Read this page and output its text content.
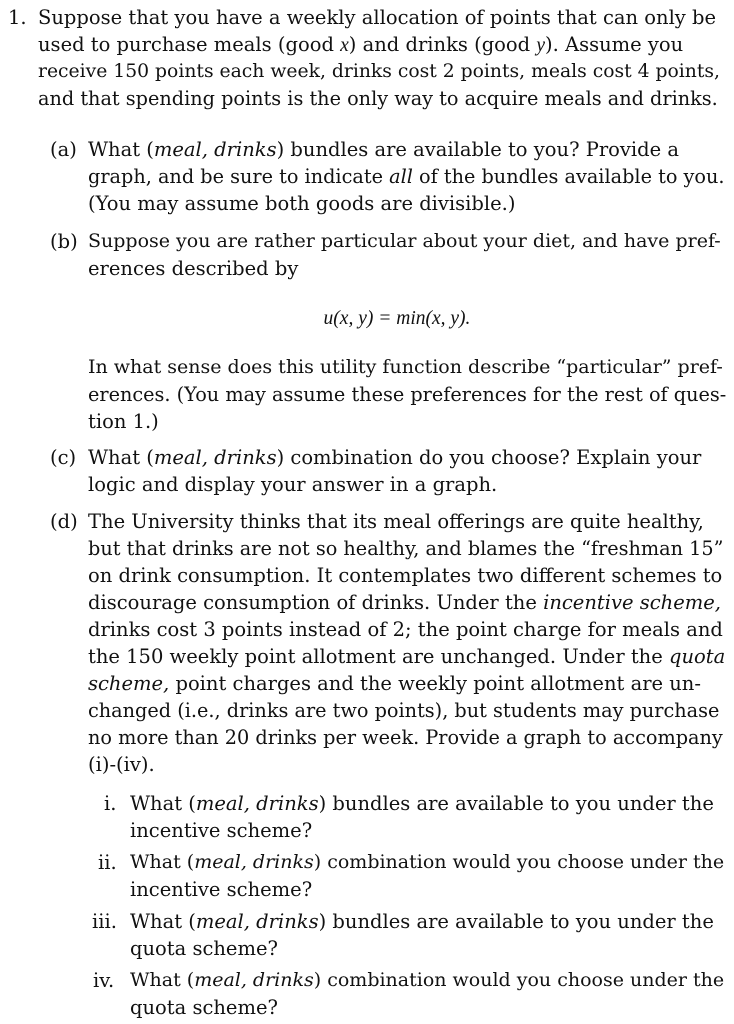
1. Suppose that you have a weekly allocation of points that can only be
used to purchase meals (good x) and drinks (good y). Assume you
receive 150 points each week, drinks cost 2 points, meals cost 4 points,
and that spending points is the only way to acquire meals and drinks.
(a) What (meal, drinks) bundles are available to you? Provide a
graph, and be sure to indicate all of the bundles available to you.
(You may assume both goods are divisible.)
(b) Suppose you are rather particular about your diet, and have pref-
erences described by
u(x, y) = min(x, y).
In what sense does this utility function describe “particular” pref-
erences. (You may assume these preferences for the rest of ques-
tion 1.)
(c) What (meal, drinks) combination do you choose? Explain your
logic and display your answer in a graph.
(d) The University thinks that its meal offerings are quite healthy,
but that drinks are not so healthy, and blames the “freshman 15”
on drink consumption. It contemplates two different schemes to
discourage consumption of drinks. Under the incentive scheme,
drinks cost 3 points instead of 2; the point charge for meals and
the 150 weekly point allotment are unchanged. Under the quota
scheme, point charges and the weekly point allotment are un-
changed (i.e., drinks are two points), but students may purchase
no more than 20 drinks per week. Provide a graph to accompany
(i)-(iv).
i. What (meal, drinks) bundles are available to you under the
incentive scheme?
ii. What (meal, drinks) combination would you choose under the
incentive scheme?
iii. What (meal, drinks) bundles are available to you under the
quota scheme?
iv. What (meal, drinks) combination would you choose under the
quota scheme?
